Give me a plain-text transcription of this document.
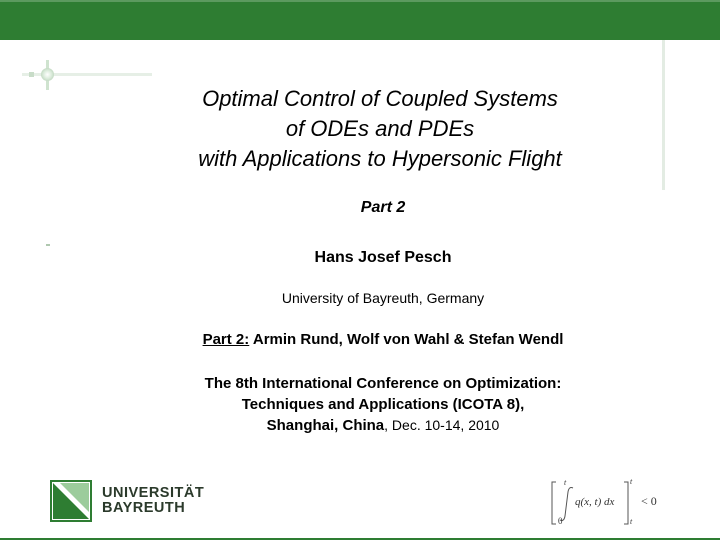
Optimal Control of Coupled Systems
of ODEs and PDEs
with Applications to Hypersonic Flight
Part 2
Hans Josef Pesch
University of Bayreuth, Germany
Part 2: Armin Rund, Wolf von Wahl & Stefan Wendl
The 8th International Conference on Optimization:
Techniques and Applications (ICOTA 8),
Shanghai, China, Dec. 10-14, 2010
UNIVERSITÄT
BAYREUTH
t
0
q(x, t) dx
t
t
< 0
